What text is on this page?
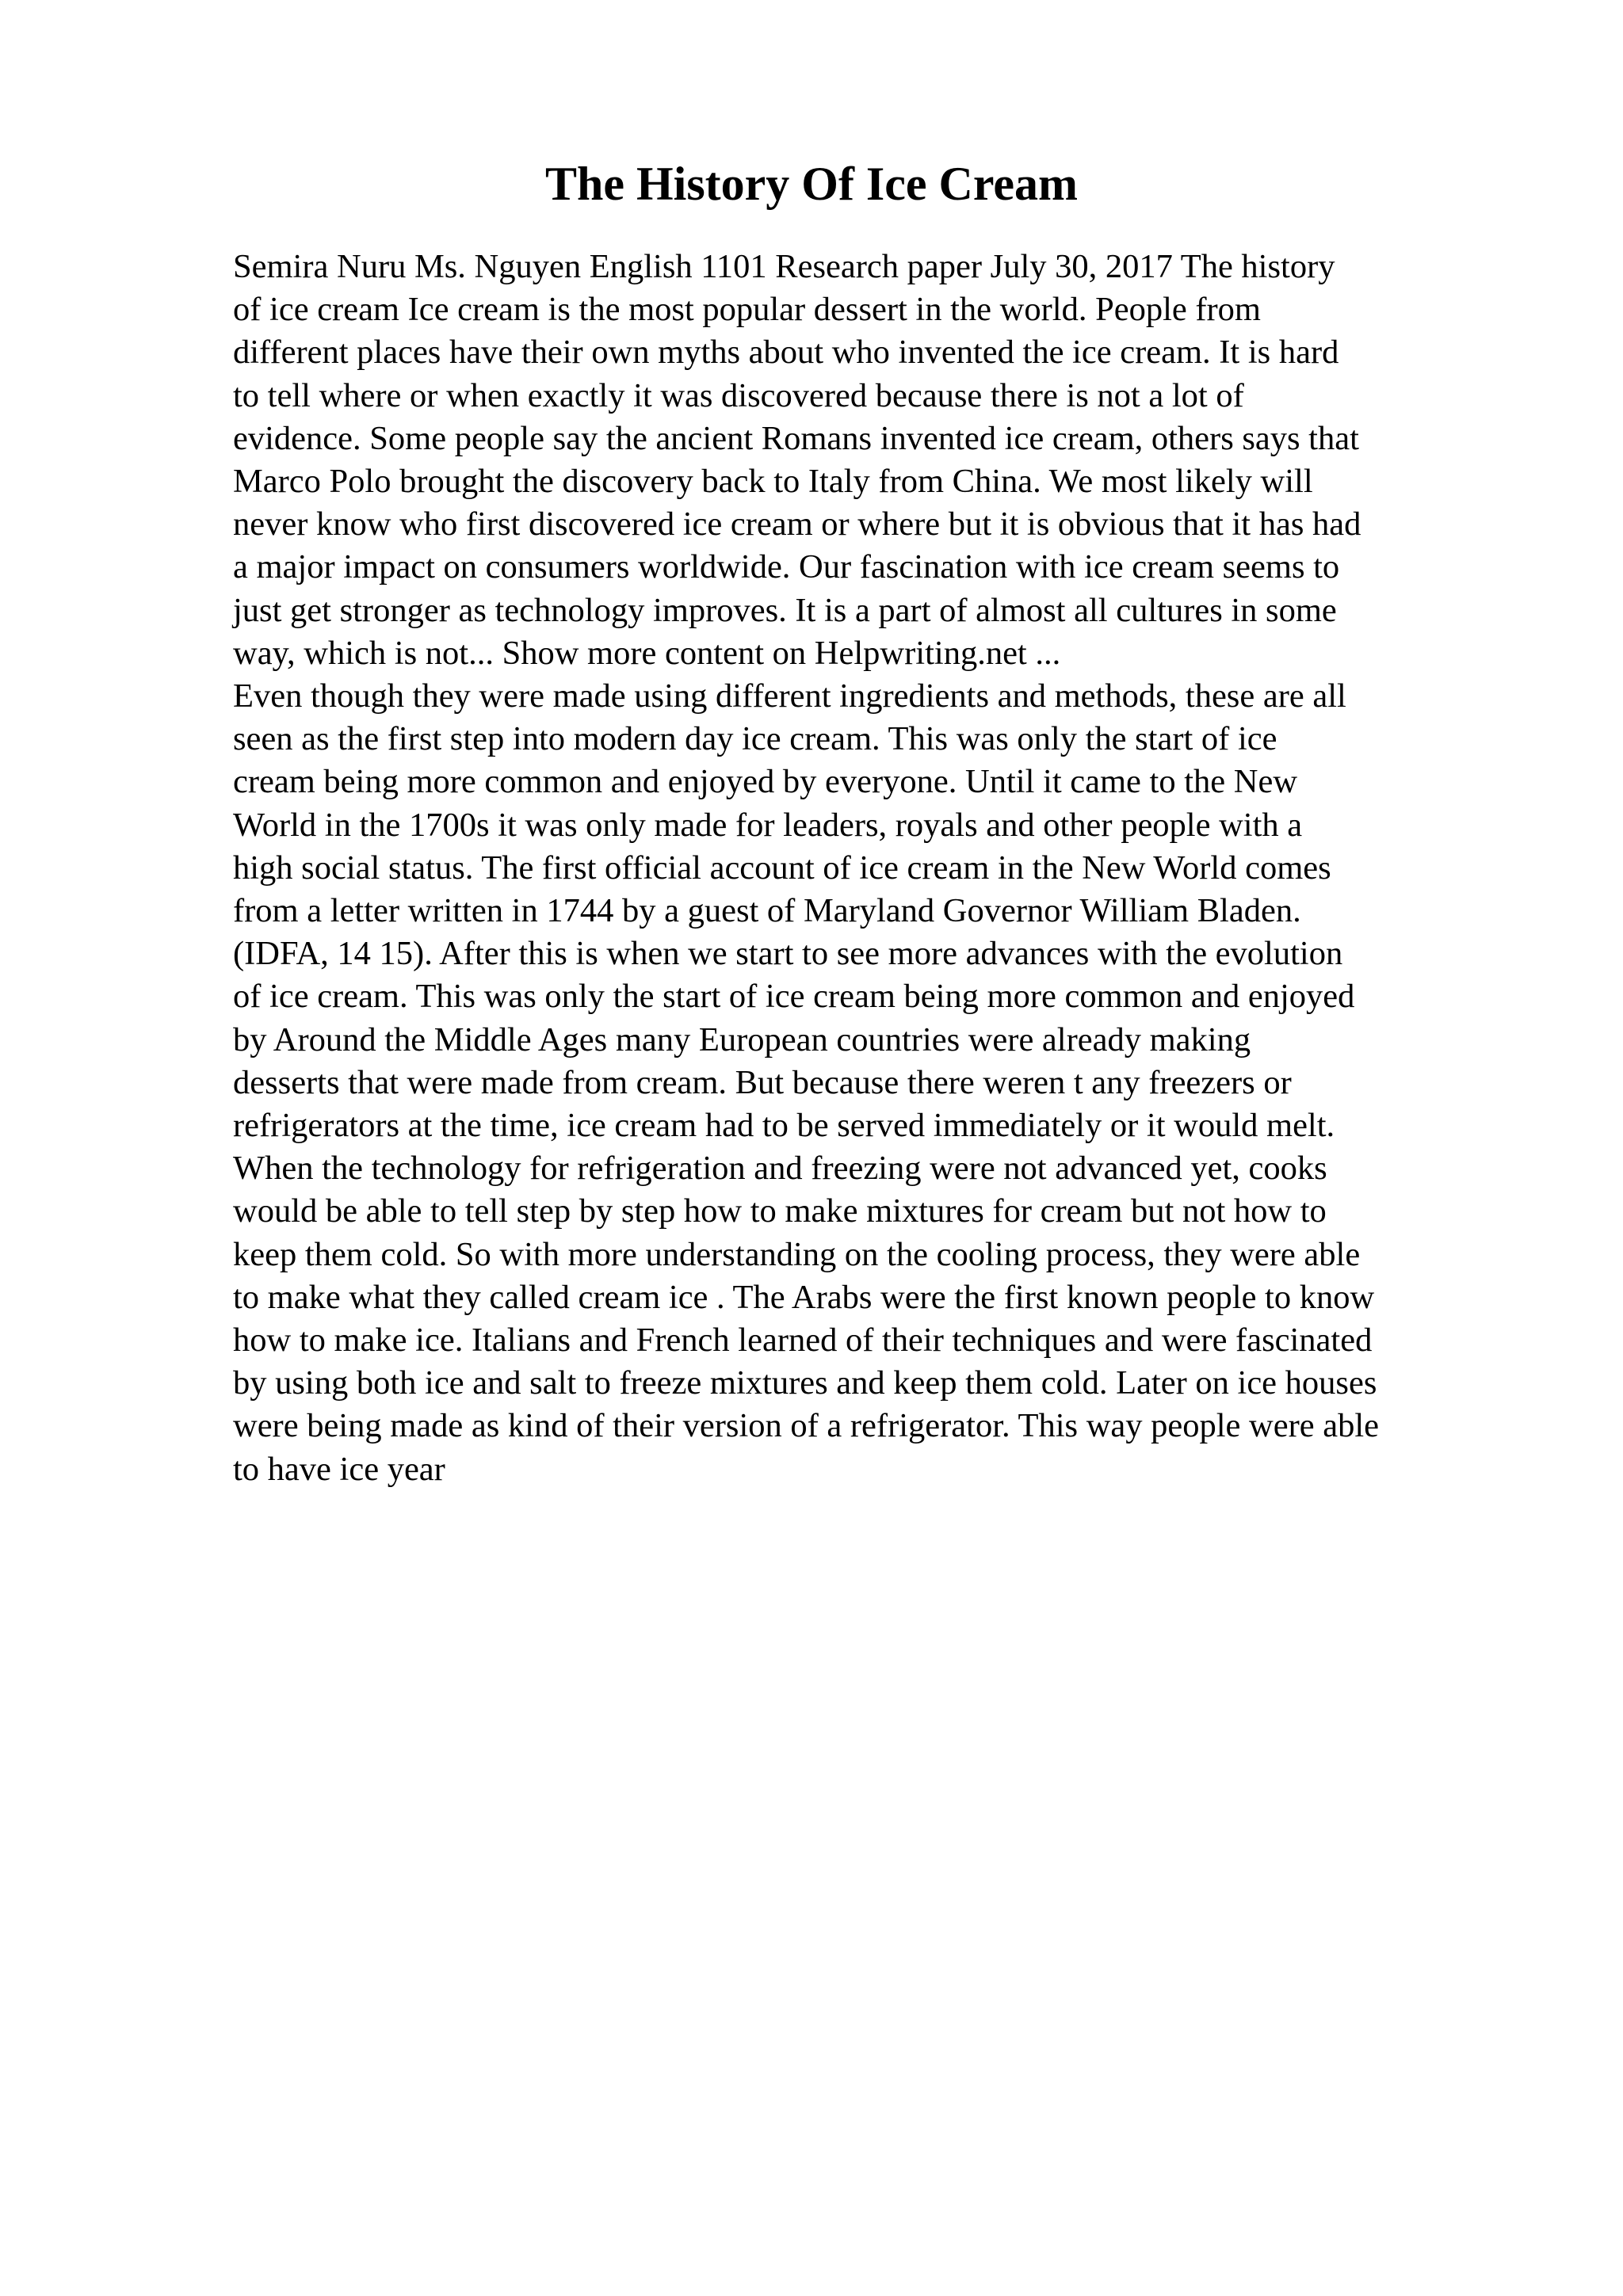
The History Of Ice Cream
Semira Nuru Ms. Nguyen English 1101 Research paper July 30, 2017 The history
of ice cream Ice cream is the most popular dessert in the world. People from
different places have their own myths about who invented the ice cream. It is hard
to tell where or when exactly it was discovered because there is not a lot of
evidence. Some people say the ancient Romans invented ice cream, others says that
Marco Polo brought the discovery back to Italy from China. We most likely will
never know who first discovered ice cream or where but it is obvious that it has had
a major impact on consumers worldwide. Our fascination with ice cream seems to
just get stronger as technology improves. It is a part of almost all cultures in some
way, which is not... Show more content on Helpwriting.net ...
Even though they were made using different ingredients and methods, these are all
seen as the first step into modern day ice cream. This was only the start of ice
cream being more common and enjoyed by everyone. Until it came to the New
World in the 1700s it was only made for leaders, royals and other people with a
high social status. The first official account of ice cream in the New World comes
from a letter written in 1744 by a guest of Maryland Governor William Bladen.
(IDFA, 14 15). After this is when we start to see more advances with the evolution
of ice cream. This was only the start of ice cream being more common and enjoyed
by Around the Middle Ages many European countries were already making
desserts that were made from cream. But because there weren t any freezers or
refrigerators at the time, ice cream had to be served immediately or it would melt.
When the technology for refrigeration and freezing were not advanced yet, cooks
would be able to tell step by step how to make mixtures for cream but not how to
keep them cold. So with more understanding on the cooling process, they were able
to make what they called cream ice . The Arabs were the first known people to know
how to make ice. Italians and French learned of their techniques and were fascinated
by using both ice and salt to freeze mixtures and keep them cold. Later on ice houses
were being made as kind of their version of a refrigerator. This way people were able
to have ice year
